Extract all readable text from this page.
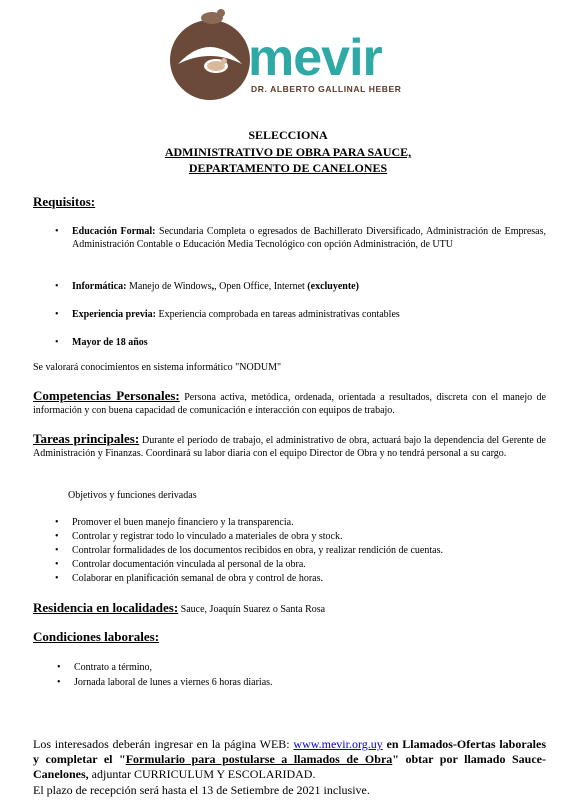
mevir
DR. ALBERTO GALLINAL HEBER
SELECCIONA
ADMINISTRATIVO DE OBRA PARA SAUCE,
DEPARTAMENTO DE CANELONES
Requisitos:
• Educación Formal: Secundaria Completa o egresados de Bachillerato Diversificado, Administración de Empresas, Administración Contable o Educación Media Tecnológico con opción Administración, de UTU
• Informática: Manejo de Windows,, Open Office, Internet (excluyente)
• Experiencia previa: Experiencia comprobada en tareas administrativas contables
• Mayor de 18 años
Se valorará conocimientos en sistema informático "NODUM"
Competencias Personales: Persona activa, metódica, ordenada, orientada a resultados, discreta con el manejo de información y con buena capacidad de comunicación e interacción con equipos de trabajo.
Tareas principales: Durante el período de trabajo, el administrativo de obra, actuará bajo la dependencia del Gerente de Administración y Finanzas. Coordinará su labor diaria con el equipo Director de Obra y no tendrá personal a su cargo.
Objetivos y funciones derivadas
• Promover el buen manejo financiero y la transparencia.
• Controlar y registrar todo lo vinculado a materiales de obra y stock.
• Controlar formalidades de los documentos recibidos en obra, y realizar rendición de cuentas.
• Controlar documentación vinculada al personal de la obra.
• Colaborar en planificación semanal de obra y control de horas.
Residencia en localidades: Sauce, Joaquín Suarez o Santa Rosa
Condiciones laborales:
• Contrato a término,
• Jornada laboral de lunes a viernes 6 horas diarias.
Los interesados deberán ingresar en la página WEB: www.mevir.org.uy en Llamados-Ofertas laborales y completar el "Formulario para postularse a llamados de Obra" obtar por llamado Sauce-Canelones, adjuntar CURRICULUM Y ESCOLARIDAD.
El plazo de recepción será hasta el 13 de Setiembre de 2021 inclusive.
